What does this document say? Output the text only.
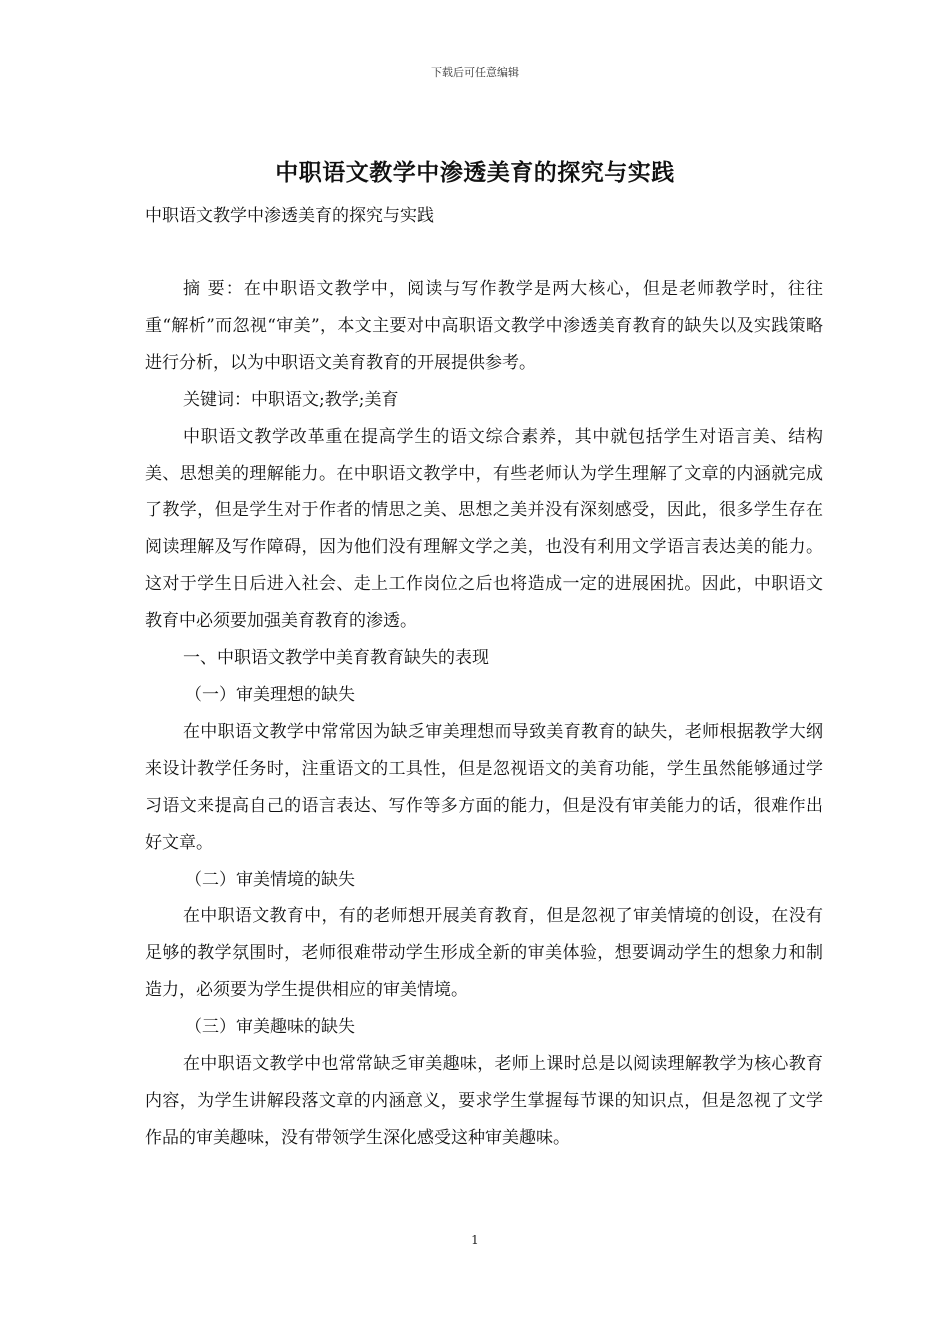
下载后可任意编辑
中职语文教学中渗透美育的探究与实践
中职语文教学中渗透美育的探究与实践

摘 要：在中职语文教学中，阅读与写作教学是两大核心，但是老师教学时，往往重“解析”而忽视“审美”，本文主要对中高职语文教学中渗透美育教育的缺失以及实践策略进行分析，以为中职语文美育教育的开展提供参考。

关键词：中职语文;教学;美育

中职语文教学改革重在提高学生的语文综合素养，其中就包括学生对语言美、结构美、思想美的理解能力。在中职语文教学中，有些老师认为学生理解了文章的内涵就完成了教学，但是学生对于作者的情思之美、思想之美并没有深刻感受，因此，很多学生存在阅读理解及写作障碍，因为他们没有理解文学之美，也没有利用文学语言表达美的能力。这对于学生日后进入社会、走上工作岗位之后也将造成一定的进展困扰。因此，中职语文教育中必须要加强美育教育的渗透。

一、中职语文教学中美育教育缺失的表现

（一）审美理想的缺失

在中职语文教学中常常因为缺乏审美理想而导致美育教育的缺失，老师根据教学大纲来设计教学任务时，注重语文的工具性，但是忽视语文的美育功能，学生虽然能够通过学习语文来提高自己的语言表达、写作等多方面的能力，但是没有审美能力的话，很难作出好文章。

（二）审美情境的缺失

在中职语文教育中，有的老师想开展美育教育，但是忽视了审美情境的创设，在没有足够的教学氛围时，老师很难带动学生形成全新的审美体验，想要调动学生的想象力和制造力，必须要为学生提供相应的审美情境。

（三）审美趣味的缺失

在中职语文教学中也常常缺乏审美趣味，老师上课时总是以阅读理解教学为核心教育内容，为学生讲解段落文章的内涵意义，要求学生掌握每节课的知识点，但是忽视了文学作品的审美趣味，没有带领学生深化感受这种审美趣味。

1
